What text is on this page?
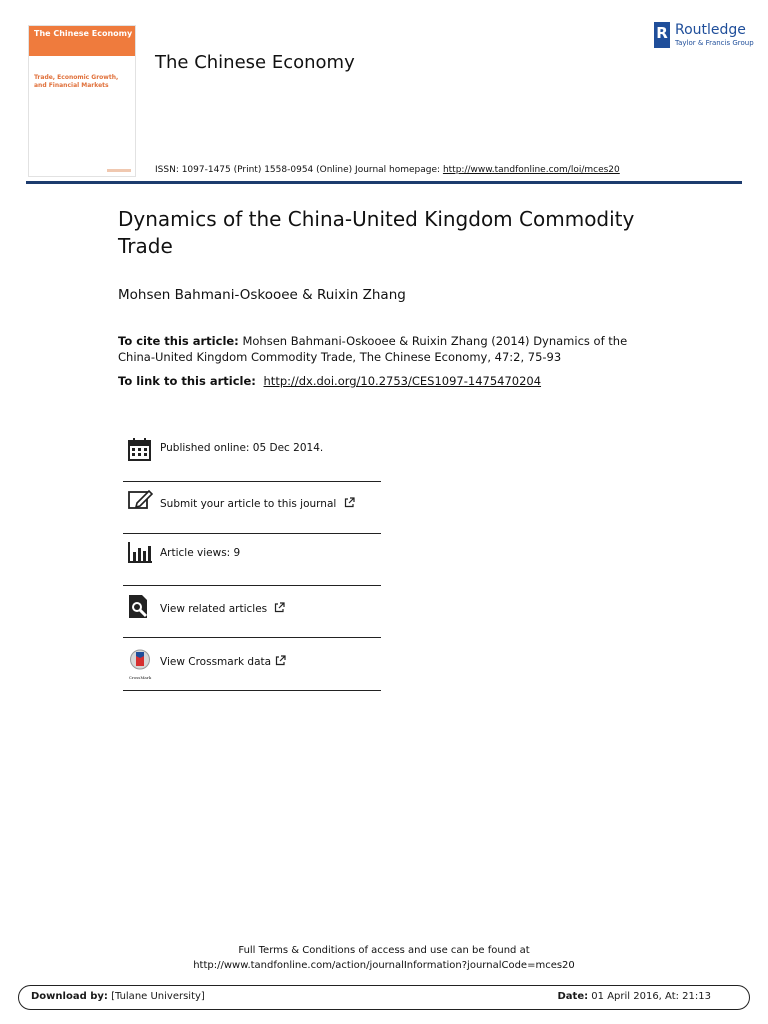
The Chinese Economy
Trade, Economic Growth, and Financial Markets
The Chinese Economy
R Routledge
Taylor & Francis Group
ISSN: 1097-1475 (Print) 1558-0954 (Online) Journal homepage: http://www.tandfonline.com/loi/mces20
Dynamics of the China-United Kingdom Commodity Trade
Mohsen Bahmani-Oskooee & Ruixin Zhang
To cite this article: Mohsen Bahmani-Oskooee & Ruixin Zhang (2014) Dynamics of the China-United Kingdom Commodity Trade, The Chinese Economy, 47:2, 75-93
To link to this article: http://dx.doi.org/10.2753/CES1097-1475470204
Published online: 05 Dec 2014.
Submit your article to this journal
Article views: 9
View related articles
CrossMark
View Crossmark data
Full Terms & Conditions of access and use can be found at
http://www.tandfonline.com/action/journalInformation?journalCode=mces20
Download by: [Tulane University]	Date: 01 April 2016, At: 21:13
